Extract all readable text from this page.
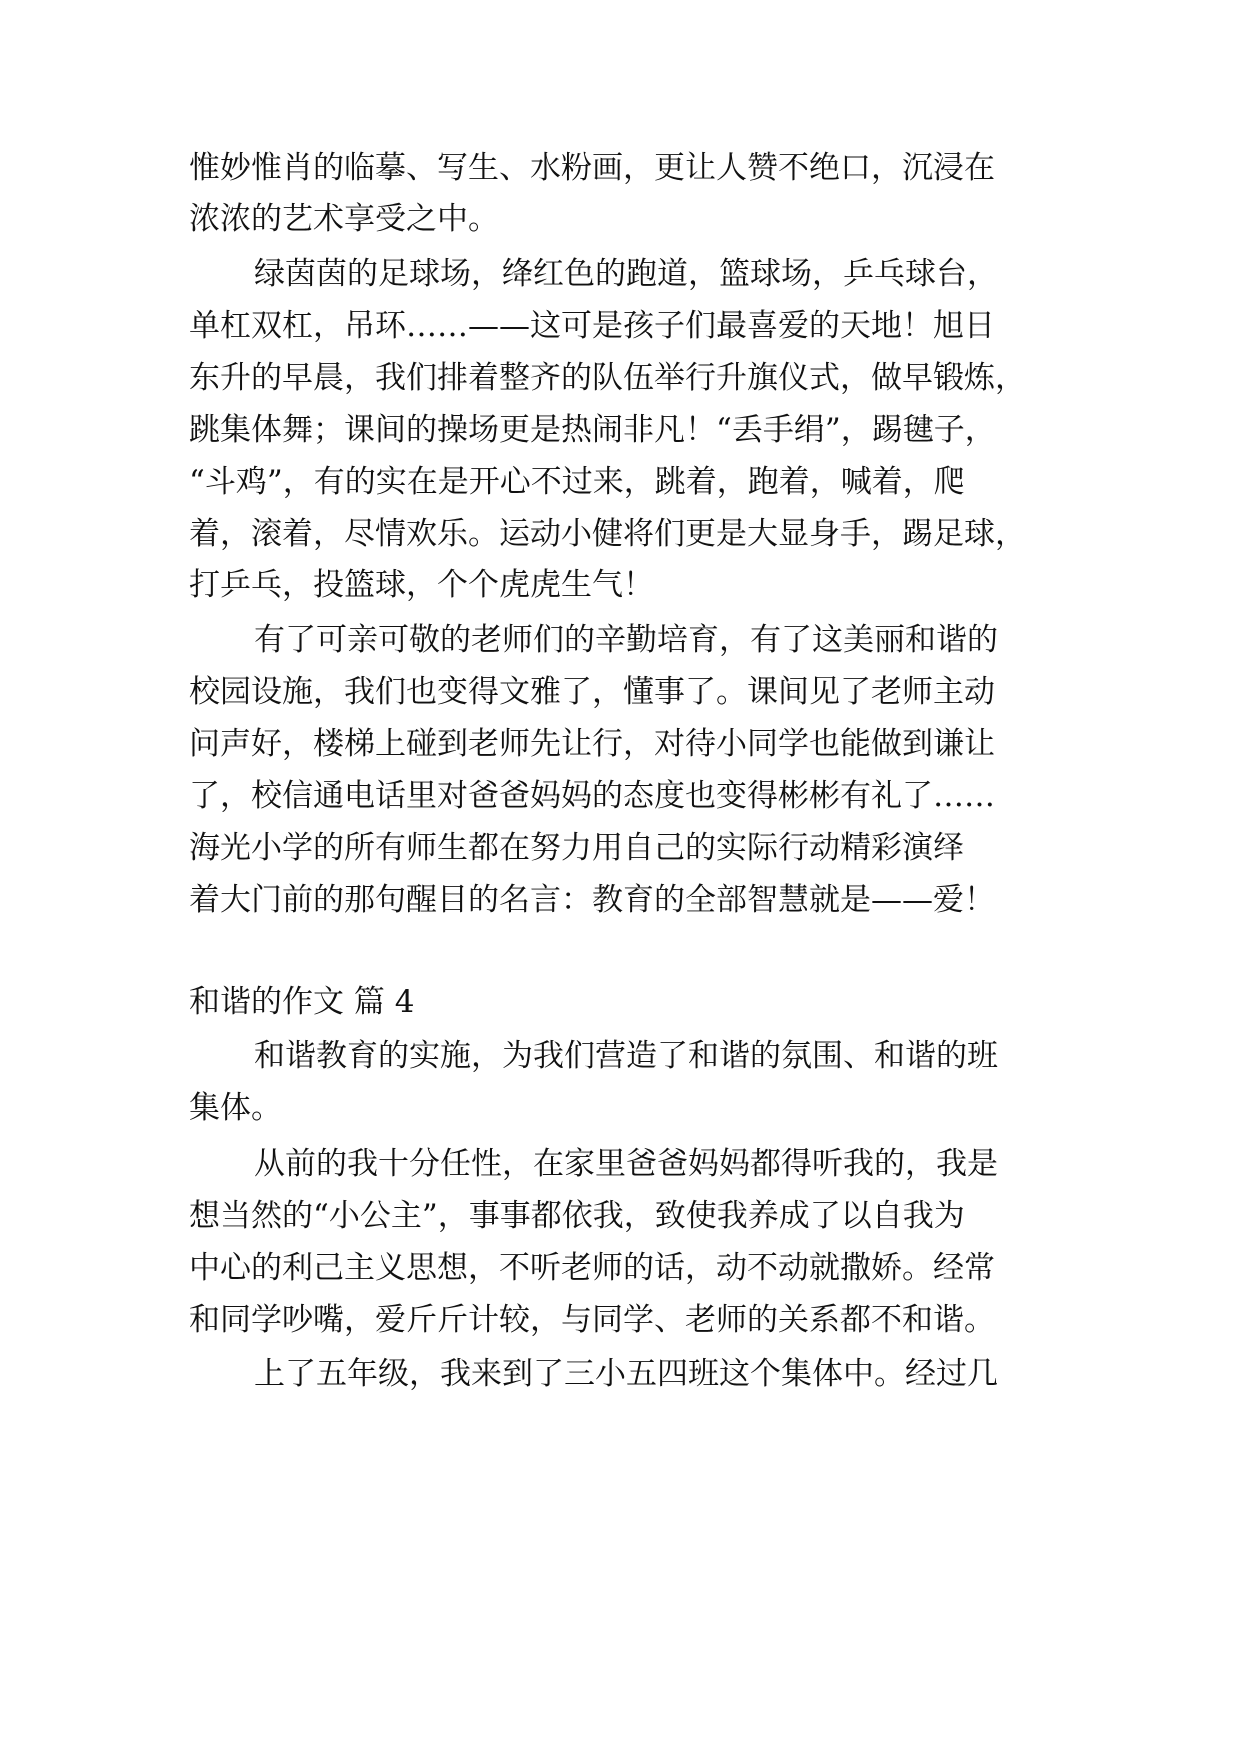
惟妙惟肖的临摹、写生、水粉画，更让人赞不绝口，沉浸在
浓浓的艺术享受之中。
绿茵茵的足球场，绛红色的跑道，篮球场，乒乓球台，
单杠双杠，吊环……——这可是孩子们最喜爱的天地！旭日
东升的早晨，我们排着整齐的队伍举行升旗仪式，做早锻炼，
跳集体舞；课间的操场更是热闹非凡！“丢手绢”，踢毽子，
“斗鸡”，有的实在是开心不过来，跳着，跑着，喊着，爬
着，滚着，尽情欢乐。运动小健将们更是大显身手，踢足球，
打乒乓，投篮球，个个虎虎生气！
有了可亲可敬的老师们的辛勤培育，有了这美丽和谐的
校园设施，我们也变得文雅了，懂事了。课间见了老师主动
问声好，楼梯上碰到老师先让行，对待小同学也能做到谦让
了，校信通电话里对爸爸妈妈的态度也变得彬彬有礼了……
海光小学的所有师生都在努力用自己的实际行动精彩演绎
着大门前的那句醒目的名言：教育的全部智慧就是——爱！
和谐的作文 篇 4
和谐教育的实施，为我们营造了和谐的氛围、和谐的班
集体。
从前的我十分任性，在家里爸爸妈妈都得听我的，我是
想当然的“小公主”，事事都依我，致使我养成了以自我为
中心的利己主义思想，不听老师的话，动不动就撒娇。经常
和同学吵嘴，爱斤斤计较，与同学、老师的关系都不和谐。
上了五年级，我来到了三小五四班这个集体中。经过几
